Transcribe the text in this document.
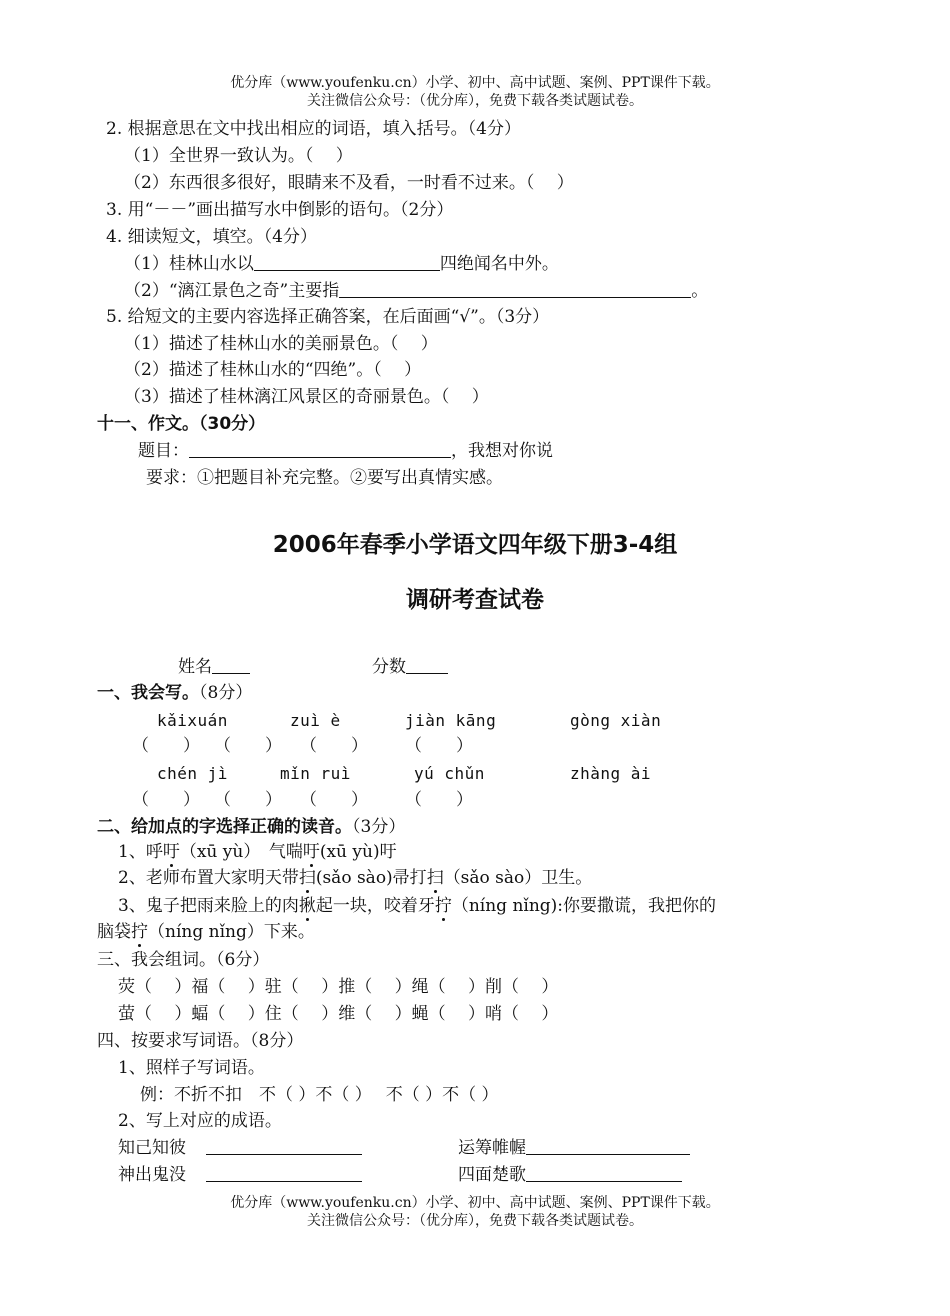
优分库（www.youfenku.cn）小学、初中、高中试题、案例、PPT课件下载。
关注微信公众号：（优分库），免费下载各类试题试卷。
2. 根据意思在文中找出相应的词语，填入括号。（4分）
（1）全世界一致认为。（　 ）
（2）东西很多很好，眼睛来不及看，一时看不过来。（　 ）
3. 用“－－”画出描写水中倒影的语句。（2分）
4. 细读短文，填空。（4分）
（1）桂林山水以	四绝闻名中外。
（2）“漓江景色之奇”主要指	。
5. 给短文的主要内容选择正确答案，在后面画“√”。（3分）
（1）描述了桂林山水的美丽景色。（　 ）
（2）描述了桂林山水的“四绝”。（　 ）
（3）描述了桂林漓江风景区的奇丽景色。（　 ）
十一、作文。（30分）
题目：	，我想对你说
要求：①把题目补充完整。②要写出真情实感。
2006年春季小学语文四年级下册3-4组
调研考查试卷
姓名	分数
一、我会写。（8分）
kǎixuán	zuì è	jiàn kāng	gòng xiàn
（　　） （　　） （　　） （　　）
chén jì	mǐn ruì	yú chǔn	zhàng ài
（　　） （　　） （　　） （　　）
二、给加点的字选择正确的读音。（3分）
1、呼吁（xū yù）　气喘吁(xū yù)吁
2、老师布置大家明天带扫(sǎo sào)帚打扫（sǎo sào）卫生。
3、鬼子把雨来脸上的肉揪起一块，咬着牙拧（níng nǐng):你要撒谎，我把你的
脑袋拧（níng nǐng）下来。
三、我会组词。（6分）
荧（　 ）福（　 ）驻（　 ）推（　 ）绳（　 ）削（　 ）
萤（　 ）蝠（　 ）住（　 ）维（　 ）蝇（　 ）哨（　 ）
四、按要求写词语。（8分）
1、照样子写词语。
例：不折不扣　不（ ）不（ ）　 不（ ）不（ ）
2、写上对应的成语。
知己知彼	运筹帷幄
神出鬼没	四面楚歌
优分库（www.youfenku.cn）小学、初中、高中试题、案例、PPT课件下载。
关注微信公众号：（优分库），免费下载各类试题试卷。
